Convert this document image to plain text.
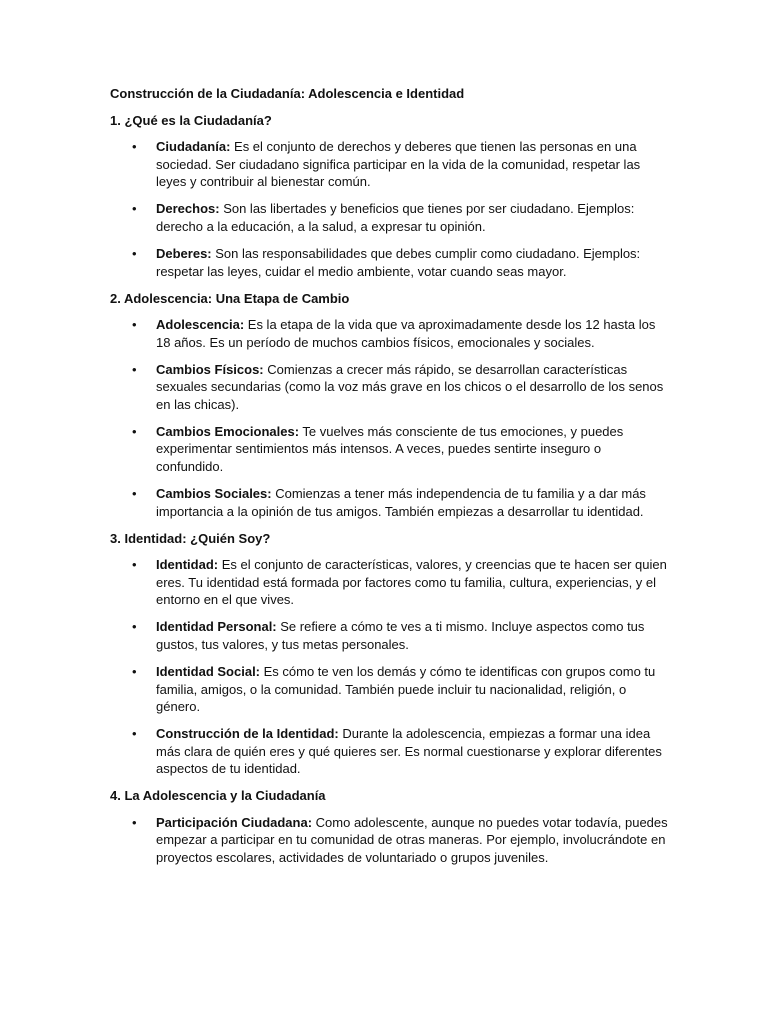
Construcción de la Ciudadanía: Adolescencia e Identidad
1. ¿Qué es la Ciudadanía?
• Ciudadanía: Es el conjunto de derechos y deberes que tienen las personas en una sociedad. Ser ciudadano significa participar en la vida de la comunidad, respetar las leyes y contribuir al bienestar común.
• Derechos: Son las libertades y beneficios que tienes por ser ciudadano. Ejemplos: derecho a la educación, a la salud, a expresar tu opinión.
• Deberes: Son las responsabilidades que debes cumplir como ciudadano. Ejemplos: respetar las leyes, cuidar el medio ambiente, votar cuando seas mayor.
2. Adolescencia: Una Etapa de Cambio
• Adolescencia: Es la etapa de la vida que va aproximadamente desde los 12 hasta los 18 años. Es un período de muchos cambios físicos, emocionales y sociales.
• Cambios Físicos: Comienzas a crecer más rápido, se desarrollan características sexuales secundarias (como la voz más grave en los chicos o el desarrollo de los senos en las chicas).
• Cambios Emocionales: Te vuelves más consciente de tus emociones, y puedes experimentar sentimientos más intensos. A veces, puedes sentirte inseguro o confundido.
• Cambios Sociales: Comienzas a tener más independencia de tu familia y a dar más importancia a la opinión de tus amigos. También empiezas a desarrollar tu identidad.
3. Identidad: ¿Quién Soy?
• Identidad: Es el conjunto de características, valores, y creencias que te hacen ser quien eres. Tu identidad está formada por factores como tu familia, cultura, experiencias, y el entorno en el que vives.
• Identidad Personal: Se refiere a cómo te ves a ti mismo. Incluye aspectos como tus gustos, tus valores, y tus metas personales.
• Identidad Social: Es cómo te ven los demás y cómo te identificas con grupos como tu familia, amigos, o la comunidad. También puede incluir tu nacionalidad, religión, o género.
• Construcción de la Identidad: Durante la adolescencia, empiezas a formar una idea más clara de quién eres y qué quieres ser. Es normal cuestionarse y explorar diferentes aspectos de tu identidad.
4. La Adolescencia y la Ciudadanía
• Participación Ciudadana: Como adolescente, aunque no puedes votar todavía, puedes empezar a participar en tu comunidad de otras maneras. Por ejemplo, involucrándote en proyectos escolares, actividades de voluntariado o grupos juveniles.
